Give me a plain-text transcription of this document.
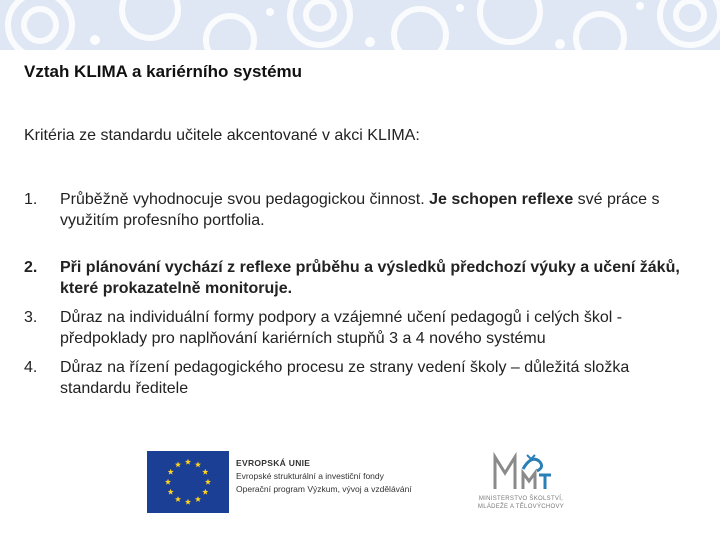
Vztah KLIMA a kariérního systému
Kritéria ze standardu učitele akcentované v akci KLIMA:
1.	Průběžně vyhodnocuje svou pedagogickou činnost. Je schopen reflexe své práce s využitím profesního portfolia.
2.	Při plánování vychází z reflexe průběhu a výsledků předchozí výuky a učení žáků, které prokazatelně monitoruje.
3.	Důraz na individuální formy podpory a vzájemné učení pedagogů i celých škol -předpoklady pro naplňování kariérních stupňů 3 a 4 nového systému
4.	Důraz na řízení pedagogického procesu ze strany vedení školy – důležitá složka standardu ředitele
EVROPSKÁ UNIE
Evropské strukturální a investiční fondy
Operační program Výzkum, vývoj a vzdělávání
MINISTERSTVO ŠKOLSTVÍ,
MLÁDEŽE A TĚLOVÝCHOVY
